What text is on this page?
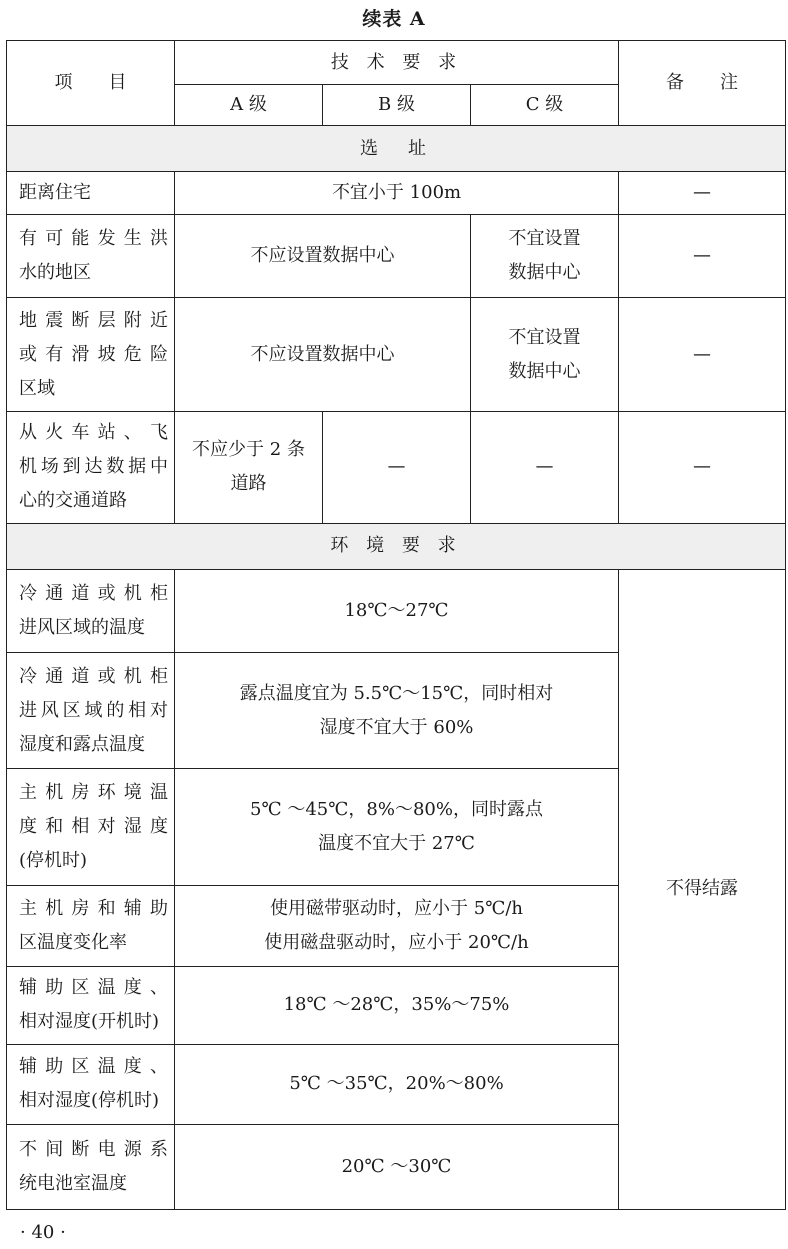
续表 A
项　　目	技 术 要 求			备　　注
	A 级	B 级	C 级	
选　址				

距离住宅	不宜小于 100m			—

有可能发生洪
水的地区	不应设置数据中心		不宜设置
数据中心	—

地震断层附近
或有滑坡危险
区域	不应设置数据中心		不宜设置
数据中心	—

从火车站、飞
机场到达数据中
心的交通道路	不应少于 2 条
道路	—	—	—
环 境 要 求				

冷通道或机柜
进风区域的温度	18℃～27℃			不得结露

冷通道或机柜
进风区域的相对
湿度和露点温度	露点温度宜为 5.5℃～15℃，同时相对
湿度不宜大于 60%			

主机房环境温
度和相对湿度
(停机时)	5℃ ～45℃，8%～80%，同时露点
温度不宜大于 27℃			

主机房和辅助
区温度变化率	使用磁带驱动时，应小于 5℃/h
使用磁盘驱动时，应小于 20℃/h			

辅助区温度、
相对湿度(开机时)	18℃ ～28℃，35%～75%			

辅助区温度、
相对湿度(停机时)	5℃ ～35℃，20%～80%			

不间断电源系
统电池室温度	20℃ ～30℃			
· 40 ·
